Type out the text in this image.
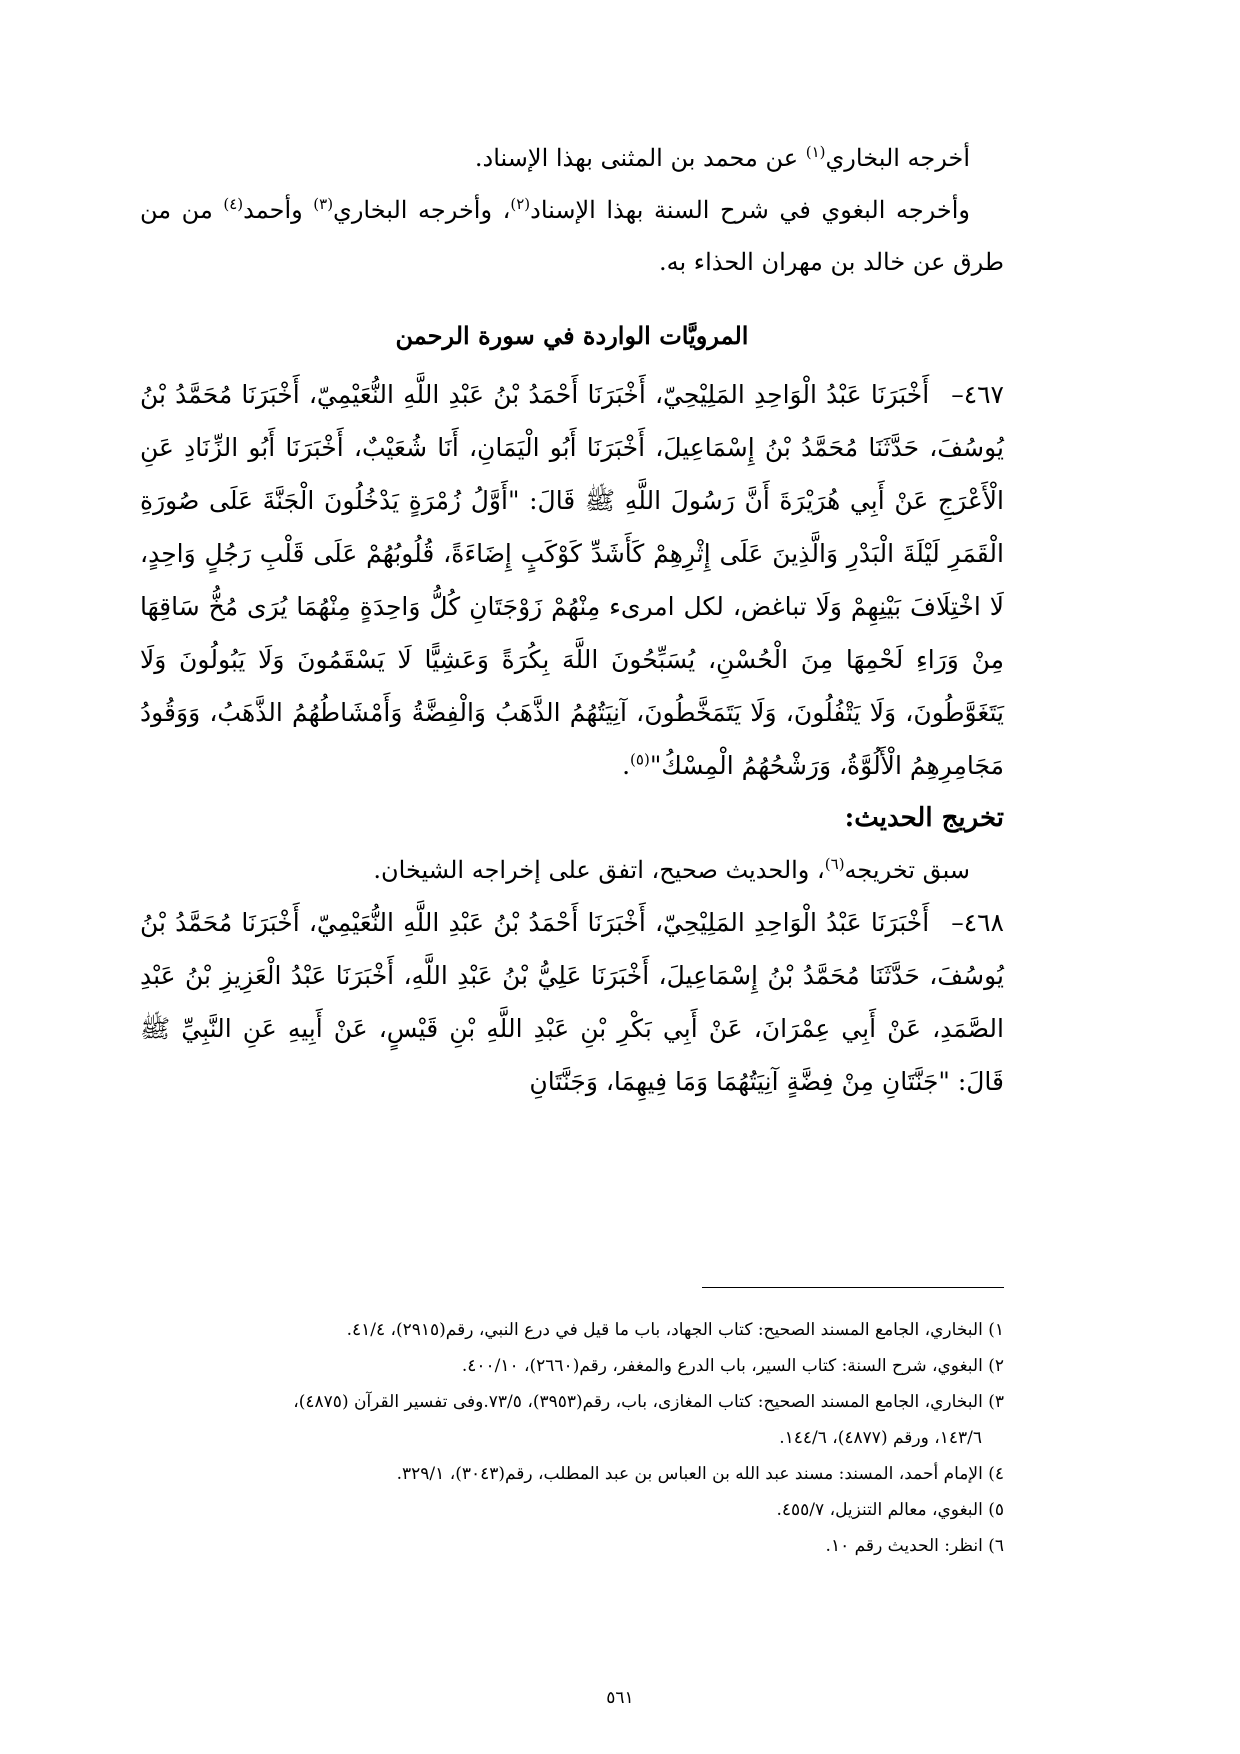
أخرجه البخاري$^{(١)}$ عن محمد بن المثنى بهذا الإسناد.

وأخرجه البغوي في شرح السنة بهذا الإسناد$^{(٢)}$، وأخرجه البخاري$^{(٣)}$ وأحمد$^{(٤)}$ من من طرق عن خالد بن مهران الحذاء به.

المرويَّات الواردة في سورة الرحمن

٤٦٧–أَخْبَرَنَا عَبْدُ الْوَاحِدِ المَلِيْحِيّ، أَخْبَرَنَا أَحْمَدُ بْنُ عَبْدِ اللَّهِ النُّعَيْمِيّ، أَخْبَرَنَا مُحَمَّدُ بْنُ يُوسُفَ، حَدَّثَنَا مُحَمَّدُ بْنُ إِسْمَاعِيلَ، أَخْبَرَنَا أَبُو الْيَمَانِ، أَنَا شُعَيْبٌ، أَخْبَرَنَا أَبُو الزِّنَادِ عَنِ الْأَعْرَجِ عَنْ أَبِي هُرَيْرَةَ أَنَّ رَسُولَ اللَّهِ ﷺ قَالَ: "أَوَّلُ زُمْرَةٍ يَدْخُلُونَ الْجَنَّةَ عَلَى صُورَةِ الْقَمَرِ لَيْلَةَ الْبَدْرِ وَالَّذِينَ عَلَى إِثْرِهِمْ كَأَشَدِّ كَوْكَبٍ إِضَاءَةً، قُلُوبُهُمْ عَلَى قَلْبِ رَجُلٍ وَاحِدٍ، لَا اخْتِلَافَ بَيْنِهِمْ وَلَا تباغض، لكل امرىء مِنْهُمْ زَوْجَتَانِ كُلُّ وَاحِدَةٍ مِنْهُمَا يُرَى مُخُّ سَاقِهَا مِنْ وَرَاءِ لَحْمِهَا مِنَ الْحُسْنِ، يُسَبِّحُونَ اللَّهَ بِكُرَةً وَعَشِيًّا لَا يَسْقَمُونَ وَلَا يَبُولُونَ وَلَا يَتَغَوَّطُونَ، وَلَا يَتْفُلُونَ، وَلَا يَتَمَخَّطُونَ، آنِيَتُهُمُ الذَّهَبُ وَالْفِضَّةُ وَأَمْشَاطُهُمُ الذَّهَبُ، وَوَقُودُ مَجَامِرِهِمُ الْأَلُوَّةُ، وَرَشْحُهُمُ الْمِسْكُ"$^{(٥)}$.

تخريج الحديث:

سبق تخريجه$^{(٦)}$، والحديث صحيح، اتفق على إخراجه الشيخان.

٤٦٨–أَخْبَرَنَا عَبْدُ الْوَاحِدِ المَلِيْحِيّ، أَخْبَرَنَا أَحْمَدُ بْنُ عَبْدِ اللَّهِ النُّعَيْمِيّ، أَخْبَرَنَا مُحَمَّدُ بْنُ يُوسُفَ، حَدَّثَنَا مُحَمَّدُ بْنُ إِسْمَاعِيلَ، أَخْبَرَنَا عَلِيُّ بْنُ عَبْدِ اللَّهِ، أَخْبَرَنَا عَبْدُ الْعَزِيزِ بْنُ عَبْدِ الصَّمَدِ، عَنْ أَبِي عِمْرَانَ، عَنْ أَبِي بَكْرِ بْنِ عَبْدِ اللَّهِ بْنِ قَيْسٍ، عَنْ أَبِيهِ عَنِ النَّبِيِّ ﷺ قَالَ: "جَنَّتَانِ مِنْ فِضَّةٍ آنِيَتُهُمَا وَمَا فِيهِمَا، وَجَنَّتَانِ

١) البخاري، الجامع المسند الصحيح: كتاب الجهاد، باب ما قيل في درع النبي، رقم(٢٩١٥)، ٤١/٤.

٢) البغوي، شرح السنة: كتاب السير، باب الدرع والمغفر، رقم(٢٦٦٠)، ٤٠٠/١٠.

٣) البخاري، الجامع المسند الصحيح: كتاب المغازى، باب، رقم(٣٩٥٣)، ٧٣/٥.وفى تفسير القرآن (٤٨٧٥)،

١٤٣/٦، ورقم (٤٨٧٧)، ١٤٤/٦.

٤) الإمام أحمد، المسند: مسند عبد الله بن العباس بن عبد المطلب، رقم(٣٠٤٣)، ٣٢٩/١.

٥) البغوي، معالم التنزيل، ٤٥٥/٧.

٦) انظر: الحديث رقم ١٠.

٥٦١
